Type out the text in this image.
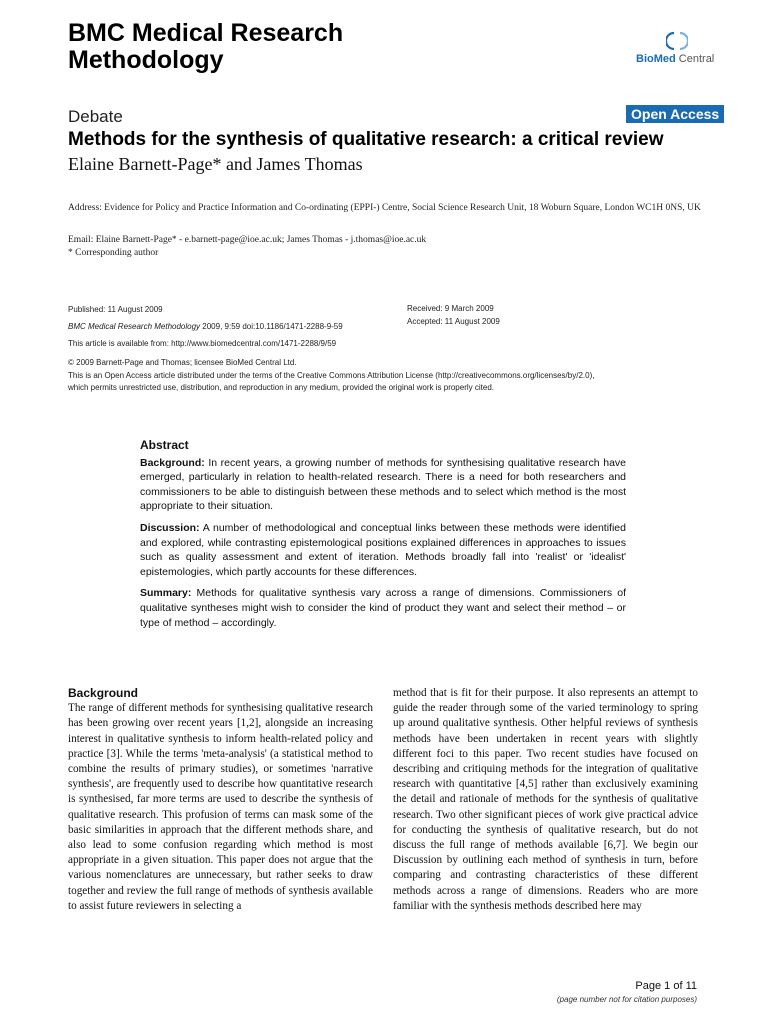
BMC Medical Research
Methodology	BioMed Central
Debate	Open Access
Methods for the synthesis of qualitative research: a critical review
Elaine Barnett-Page* and James Thomas
Address: Evidence for Policy and Practice Information and Co-ordinating (EPPI-) Centre, Social Science Research Unit, 18 Woburn Square, London WC1H 0NS, UK
Email: Elaine Barnett-Page* - e.barnett-page@ioe.ac.uk; James Thomas - j.thomas@ioe.ac.uk
* Corresponding author
Published: 11 August 2009
BMC Medical Research Methodology 2009, 9:59 doi:10.1186/1471-2288-9-59
Received: 9 March 2009
Accepted: 11 August 2009
This article is available from: http://www.biomedcentral.com/1471-2288/9/59
© 2009 Barnett-Page and Thomas; licensee BioMed Central Ltd.
This is an Open Access article distributed under the terms of the Creative Commons Attribution License (http://creativecommons.org/licenses/by/2.0),
which permits unrestricted use, distribution, and reproduction in any medium, provided the original work is properly cited.
Abstract

Background: In recent years, a growing number of methods for synthesising qualitative research have emerged, particularly in relation to health-related research. There is a need for both researchers and commissioners to be able to distinguish between these methods and to select which method is the most appropriate to their situation.

Discussion: A number of methodological and conceptual links between these methods were identified and explored, while contrasting epistemological positions explained differences in approaches to issues such as quality assessment and extent of iteration. Methods broadly fall into 'realist' or 'idealist' epistemologies, which partly accounts for these differences.

Summary: Methods for qualitative synthesis vary across a range of dimensions. Commissioners of qualitative syntheses might wish to consider the kind of product they want and select their method – or type of method – accordingly.

Background
The range of different methods for synthesising qualitative research has been growing over recent years [1,2], alongside an increasing interest in qualitative synthesis to inform health-related policy and practice [3]. While the terms 'meta-analysis' (a statistical method to combine the results of primary studies), or sometimes 'narrative synthesis', are frequently used to describe how quantitative research is synthesised, far more terms are used to describe the synthesis of qualitative research. This profusion of terms can mask some of the basic similarities in approach that the different methods share, and also lead to some confusion regarding which method is most appropriate in a given situation. This paper does not argue that the various nomenclatures are unnecessary, but rather seeks to draw together and review the full range of methods of synthesis available to assist future reviewers in selecting a
method that is fit for their purpose. It also represents an attempt to guide the reader through some of the varied terminology to spring up around qualitative synthesis. Other helpful reviews of synthesis methods have been undertaken in recent years with slightly different foci to this paper. Two recent studies have focused on describing and critiquing methods for the integration of qualitative research with quantitative [4,5] rather than exclusively examining the detail and rationale of methods for the synthesis of qualitative research. Two other significant pieces of work give practical advice for conducting the synthesis of qualitative research, but do not discuss the full range of methods available [6,7]. We begin our Discussion by outlining each method of synthesis in turn, before comparing and contrasting characteristics of these different methods across a range of dimensions. Readers who are more familiar with the synthesis methods described here may
Page 1 of 11
(page number not for citation purposes)
